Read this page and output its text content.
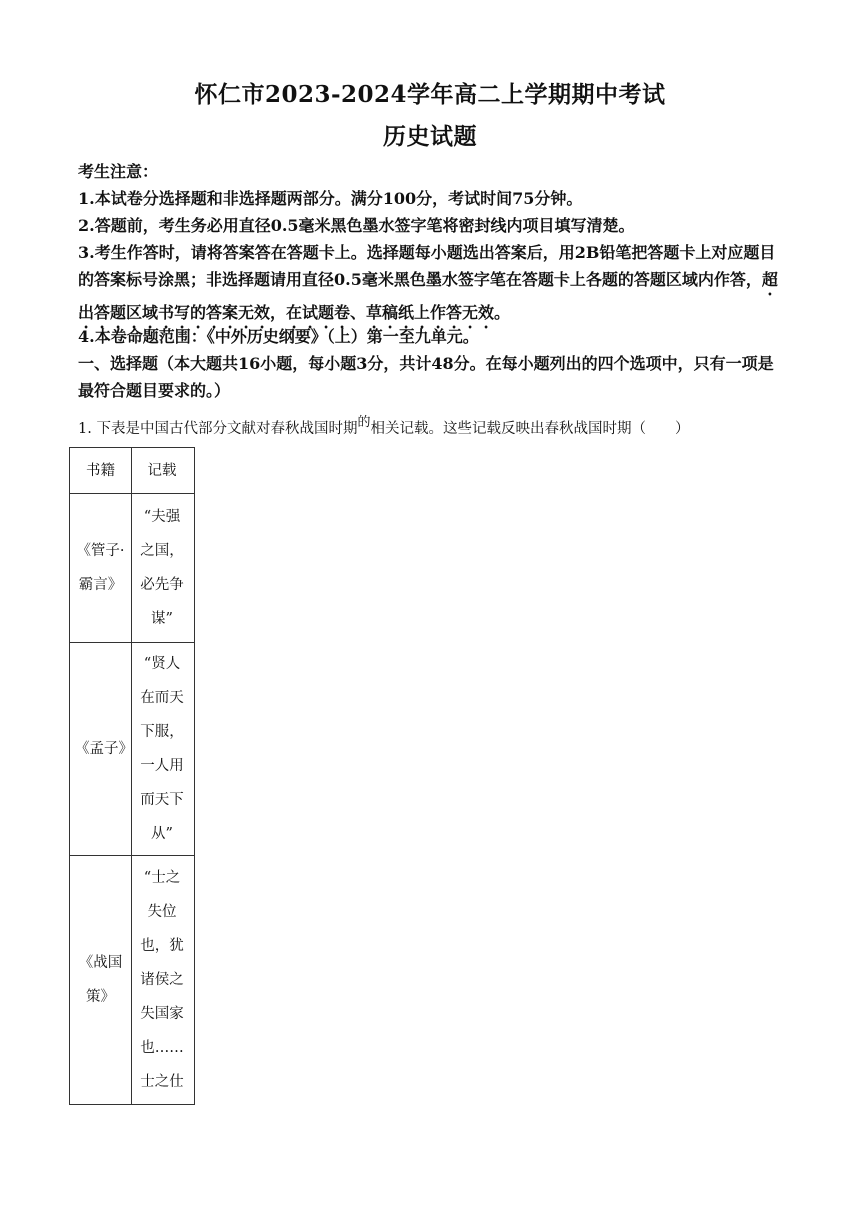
怀仁市2023-2024学年高二上学期期中考试
历史试题
考生注意：
1.本试卷分选择题和非选择题两部分。满分100分，考试时间75分钟。
2.答题前，考生务必用直径0.5毫米黑色墨水签字笔将密封线内项目填写清楚。
3.考生作答时，请将答案答在答题卡上。选择题每小题选出答案后，用2B铅笔把答题卡上对应题目的答案标号涂黑；非选择题请用直径0.5毫米黑色墨水签字笔在答题卡上各题的答题区域内作答，超出答题区域书写的答案无效，在试题卷、草稿纸上作答无效。
4.本卷命题范围：《中外历史纲要》（上）第一至九单元。
一、选择题（本大题共16小题，每小题3分，共计48分。在每小题列出的四个选项中，只有一项是最符合题目要求的。）
1. 下表是中国古代部分文献对春秋战国时期的相关记载。这些记载反映出春秋战国时期（　　）
书籍	记载

《管子·霸言》	“夫强之国，必先争谋”

《孟子》	“贤人在而天下服，一人用而天下从”

《战国策》	“士之失位也，犹诸侯之失国家也……士之仕
